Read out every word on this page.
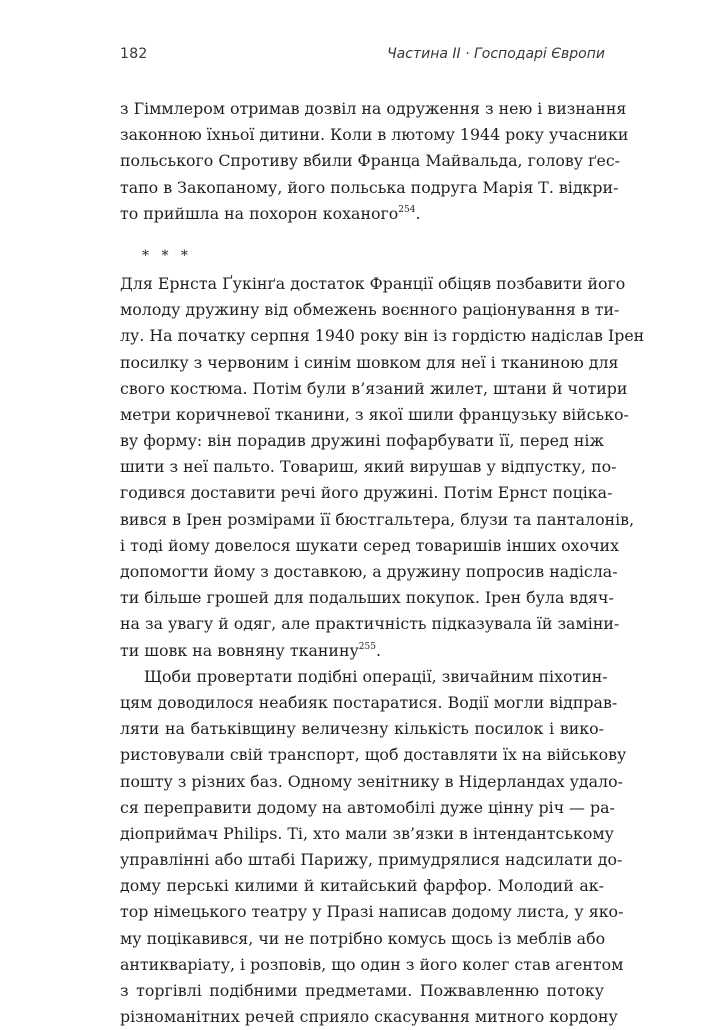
182	Частина ІІ · Господарі Європи
з Гіммлером отримав дозвіл на одруження з нею і визнання
законною їхньої дитини. Коли в лютому 1944 року учасники
польського Спротиву вбили Франца Майвальда, голову ґес-
тапо в Закопаному, його польська подруга Марія Т. відкри-
то прийшла на похорон коханого$^{254}$.
* * *
Для Ернста Ґукінґа достаток Франції обіцяв позбавити його
молоду дружину від обмежень воєнного раціонування в ти-
лу. На початку серпня 1940 року він із гордістю надіслав Ірен
посилку з червоним і синім шовком для неї і тканиною для
свого костюма. Потім були в’язаний жилет, штани й чотири
метри коричневої тканини, з якої шили французьку військо-
ву форму: він порадив дружині пофарбувати її, перед ніж
шити з неї пальто. Товариш, який вирушав у відпустку, по-
годився доставити речі його дружині. Потім Ернст поціка-
вився в Ірен розмірами її бюстгальтера, блузи та панталонів,
і тоді йому довелося шукати серед товаришів інших охочих
допомогти йому з доставкою, а дружину попросив надісла-
ти більше грошей для подальших покупок. Ірен була вдяч-
на за увагу й одяг, але практичність підказувала їй заміни-
ти шовк на вовняну тканину$^{255}$.
Щоби провертати подібні операції, звичайним піхотин-
цям доводилося неабияк постаратися. Водії могли відправ-
ляти на батьківщину величезну кількість посилок і вико-
ристовували свій транспорт, щоб доставляти їх на військову
пошту з різних баз. Одному зенітнику в Нідерландах удало-
ся переправити додому на автомобілі дуже цінну річ — ра-
діоприймач Philips. Ті, хто мали зв’язки в інтендантському
управлінні або штабі Парижу, примудрялися надсилати до-
дому перські килими й китайський фарфор. Молодий ак-
тор німецького театру у Празі написав додому листа, у яко-
му поцікавився, чи не потрібно комусь щось із меблів або
антикваріату, і розповів, що один з його колег став агентом
з торгівлі подібними предметами. Пожвавленню потоку
різноманітних речей сприяло скасування митного кордону
